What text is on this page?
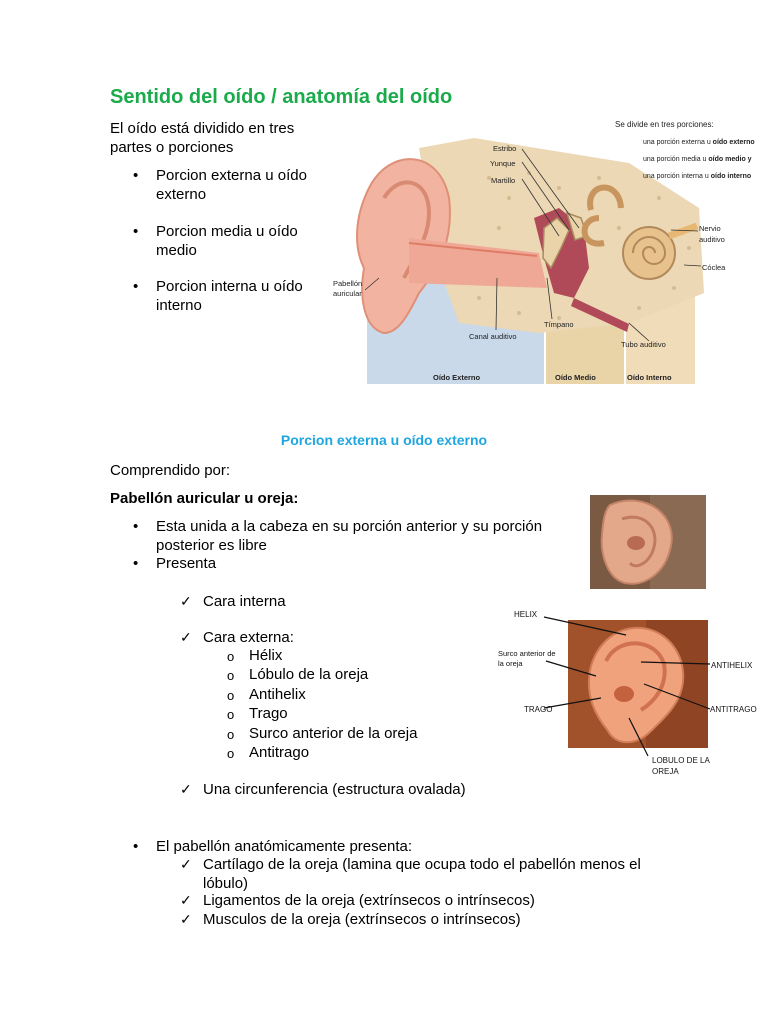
Sentido del oído / anatomía del oído

El oído está dividido en tres partes o porciones

• Porcion externa u oído externo
• Porcion media u oído medio
• Porcion interna u oído interno
Se divide en tres porciones:
una porción externa u oído externo
una porción media u oído medio y
una porción interna u oído interno
Estribo
Yunque
Martillo
Nervio
auditivo
Cóclea
Pabellón
auricular
Tímpano
Canal auditivo
Tubo auditivo
Oído Externo	Oído Medio	Oído Interno
Porcion externa u oído externo

Comprendido por:

Pabellón auricular u oreja:

• Esta unida a la cabeza en su porción anterior y su porción posterior es libre
• Presenta
✓ Cara interna
✓ Cara externa:
o Hélix
o Lóbulo de la oreja
o Antihelix
o Trago
o Surco anterior de la oreja
o Antitrago
✓ Una circunferencia (estructura ovalada)
HELIX
Surco anterior de
la oreja	ANTIHELIX
TRAGO	ANTITRAGO
LOBULO DE LA
OREJA
• El pabellón anatómicamente presenta:
✓ Cartílago de la oreja (lamina que ocupa todo el pabellón menos el lóbulo)
✓ Ligamentos de la oreja (extrínsecos o intrínsecos)
✓ Musculos de la oreja (extrínsecos o intrínsecos)
